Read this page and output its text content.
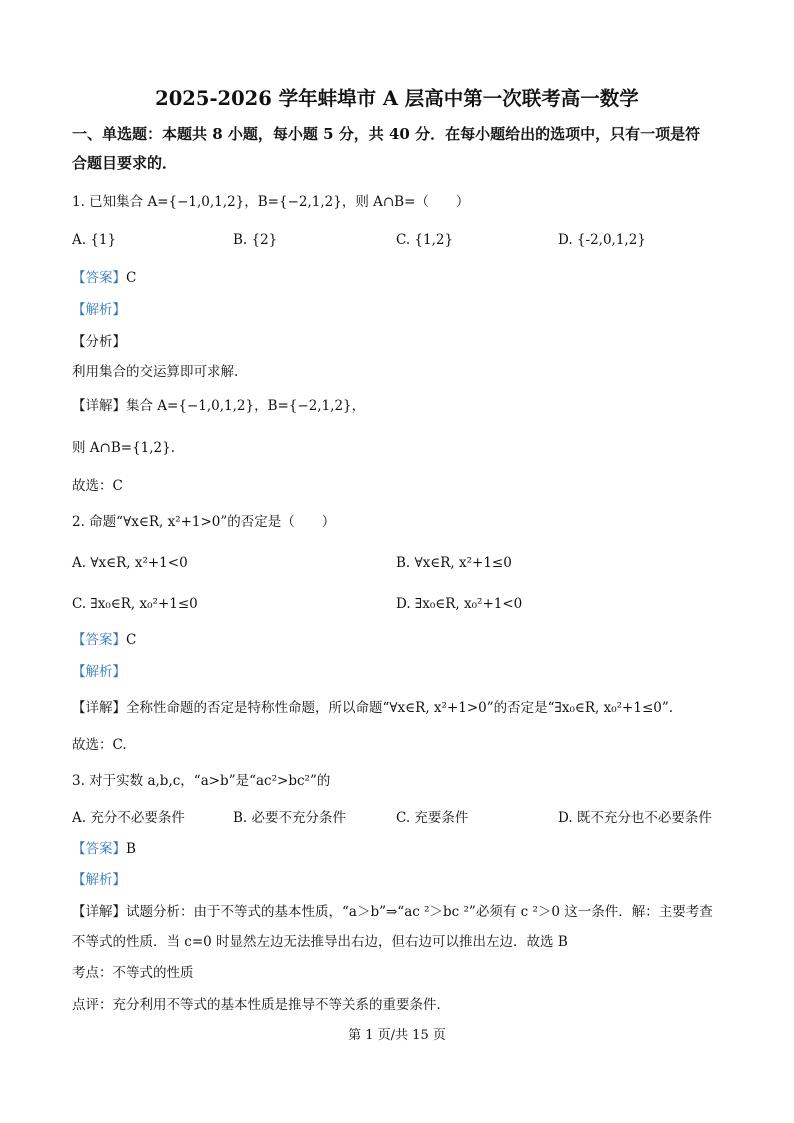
2025-2026 学年蚌埠市 A 层高中第一次联考高一数学
一、单选题：本题共 8 小题，每小题 5 分，共 40 分．在每小题给出的选项中，只有一项是符
合题目要求的．
1. 已知集合 A={−1,0,1,2}，B={−2,1,2}，则 A∩B=（　　）
A. {1}	B. {2}	C. {1,2}	D. {-2,0,1,2}
【答案】C
【解析】
【分析】
利用集合的交运算即可求解.
【详解】集合 A={−1,0,1,2}，B={−2,1,2}，
则 A∩B={1,2}.
故选：C
2. 命题“∀x∈R, x²+1>0”的否定是（　　）
A. ∀x∈R, x²+1<0	B. ∀x∈R, x²+1≤0
C. ∃x₀∈R, x₀²+1≤0	D. ∃x₀∈R, x₀²+1<0
【答案】C
【解析】
【详解】全称性命题的否定是特称性命题，所以命题“∀x∈R, x²+1>0”的否定是“∃x₀∈R, x₀²+1≤0”.
故选：C.
3. 对于实数 a,b,c，“a>b”是“ac²>bc²”的
A. 充分不必要条件	B. 必要不充分条件	C. 充要条件	D. 既不充分也不必要条件
【答案】B
【解析】
【详解】试题分析：由于不等式的基本性质，“a＞b”⇒“ac ²＞bc ²”必须有 c ²＞0 这一条件．解：主要考查
不等式的性质．当 c=0 时显然左边无法推导出右边，但右边可以推出左边．故选 B
考点：不等式的性质
点评：充分利用不等式的基本性质是推导不等关系的重要条件．
第 1 页/共 15 页
